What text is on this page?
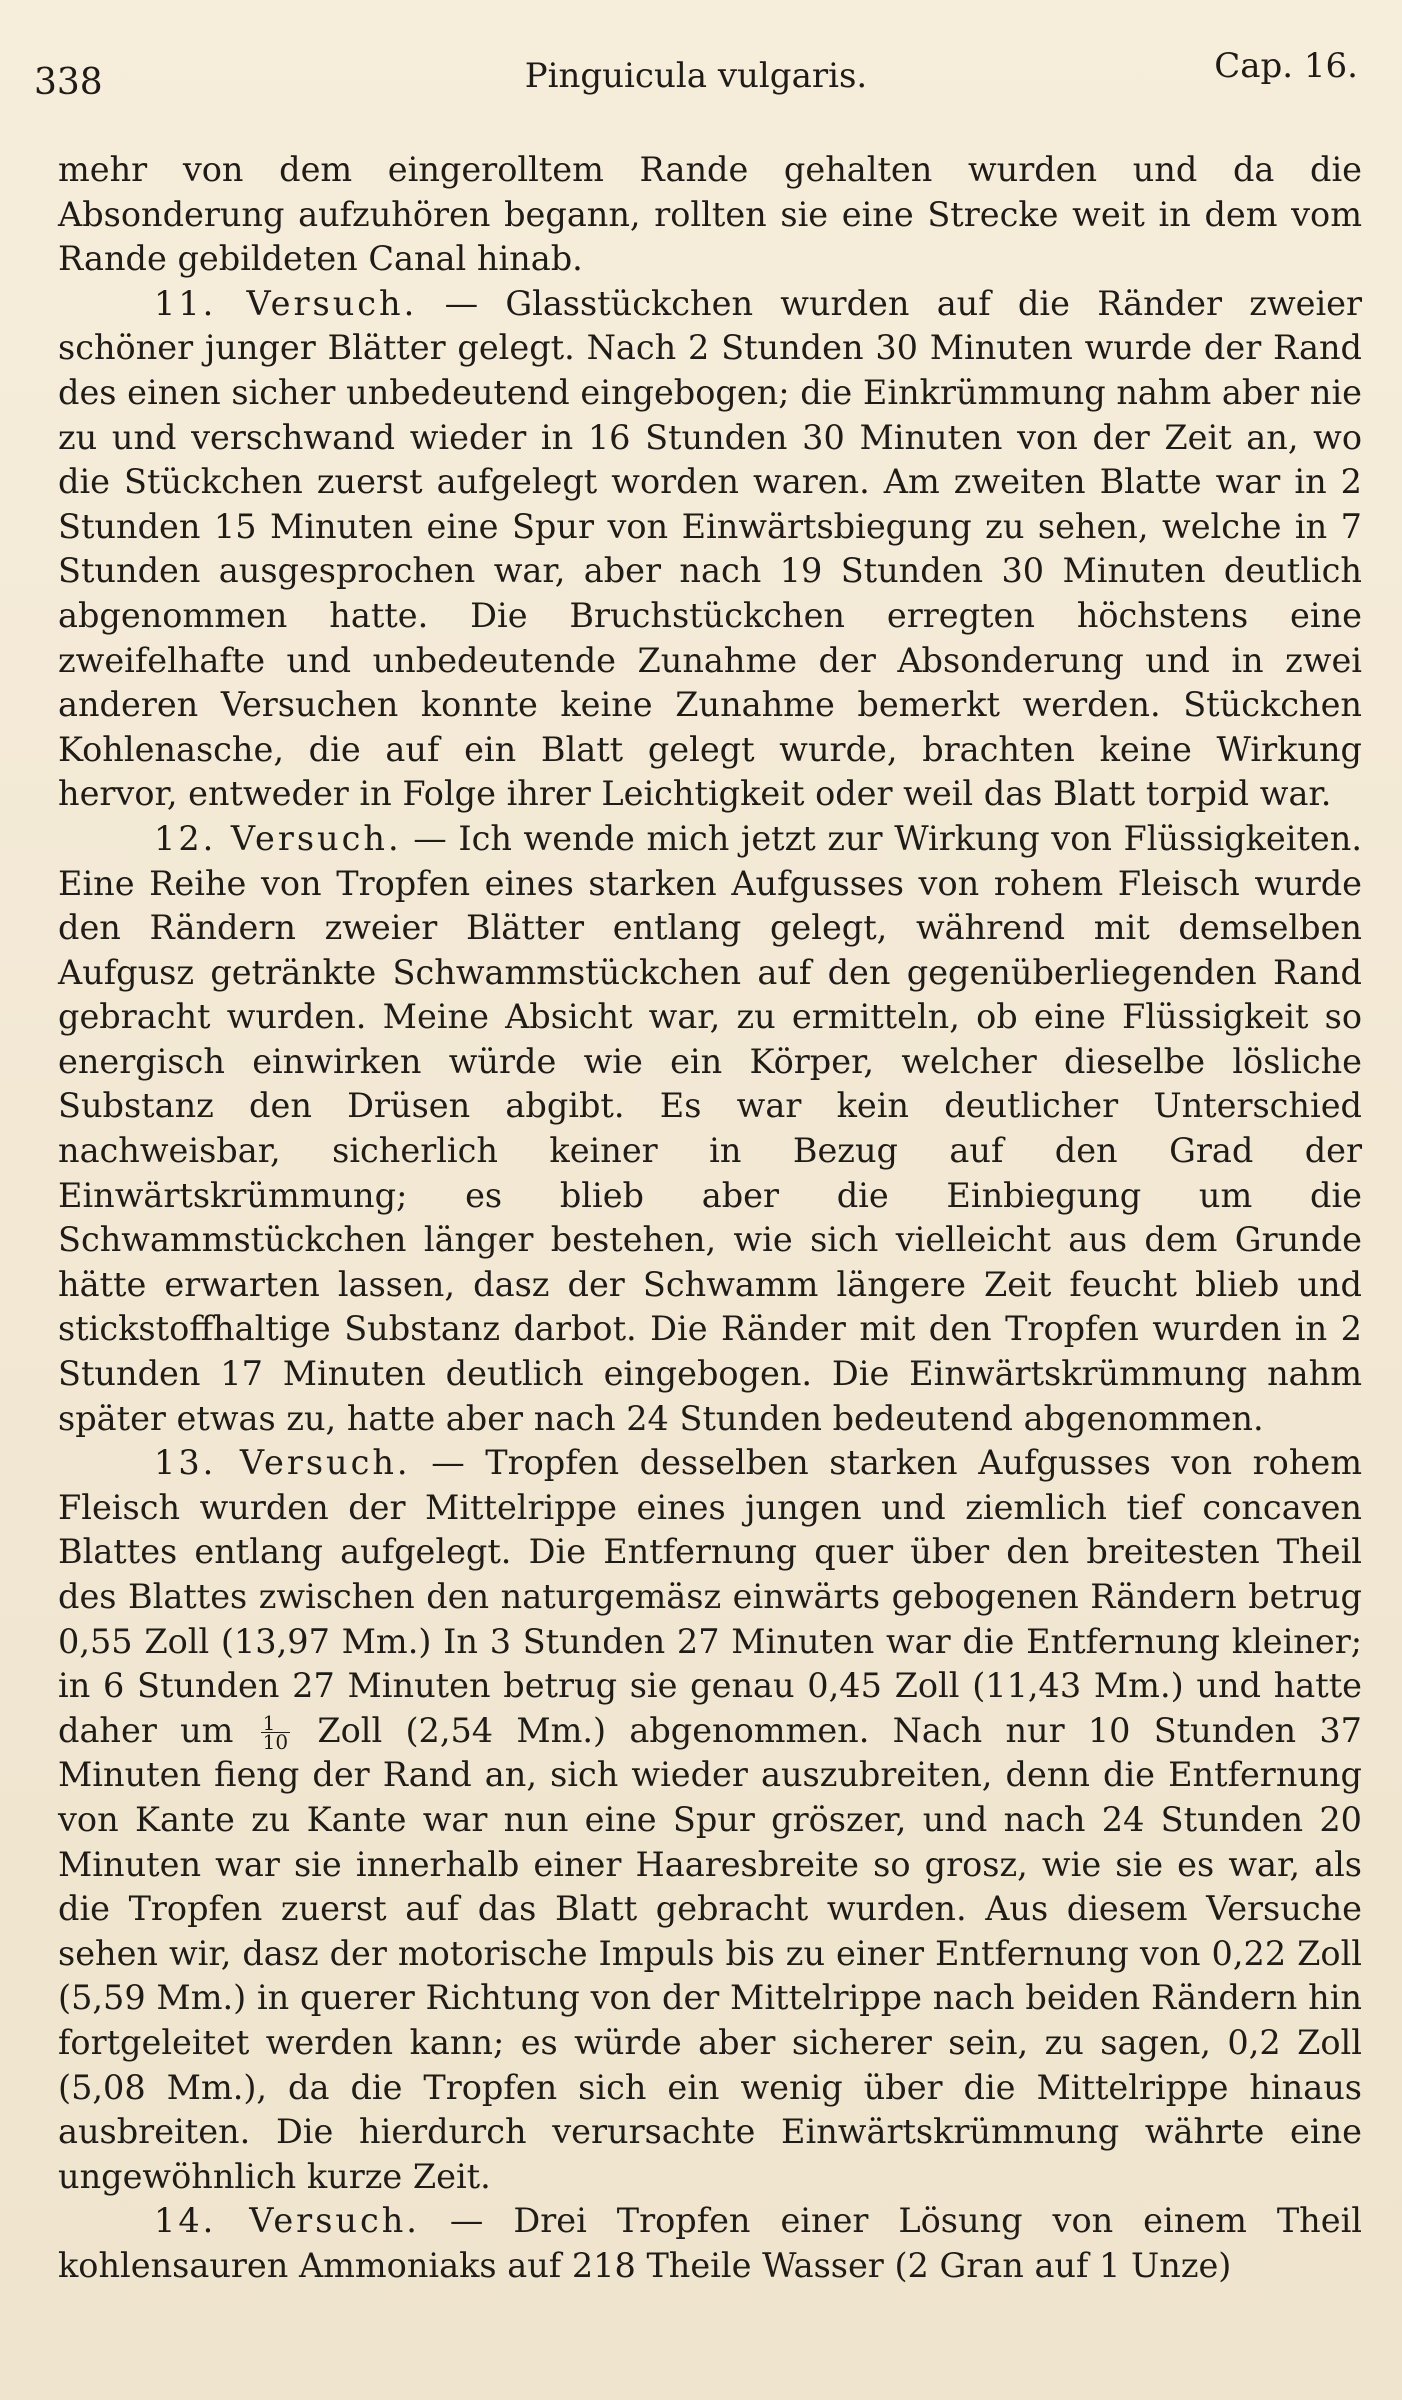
338	Pinguicula vulgaris.	Cap. 16.

mehr von dem eingerolltem Rande gehalten wurden und da die Absonderung aufzuhören begann, rollten sie eine Strecke weit in dem vom Rande gebildeten Canal hinab.

11. Versuch. — Glasstückchen wurden auf die Ränder zweier schöner junger Blätter gelegt. Nach 2 Stunden 30 Minuten wurde der Rand des einen sicher unbedeutend eingebogen; die Einkrümmung nahm aber nie zu und verschwand wieder in 16 Stunden 30 Minuten von der Zeit an, wo die Stückchen zuerst aufgelegt worden waren. Am zweiten Blatte war in 2 Stunden 15 Minuten eine Spur von Einwärtsbiegung zu sehen, welche in 7 Stunden ausgesprochen war, aber nach 19 Stunden 30 Minuten deutlich abgenommen hatte. Die Bruchstückchen erregten höchstens eine zweifelhafte und unbedeutende Zunahme der Absonderung und in zwei anderen Versuchen konnte keine Zunahme bemerkt werden. Stückchen Kohlenasche, die auf ein Blatt gelegt wurde, brachten keine Wirkung hervor, entweder in Folge ihrer Leichtigkeit oder weil das Blatt torpid war.

12. Versuch. — Ich wende mich jetzt zur Wirkung von Flüssigkeiten. Eine Reihe von Tropfen eines starken Aufgusses von rohem Fleisch wurde den Rändern zweier Blätter entlang gelegt, während mit demselben Aufgusz getränkte Schwammstückchen auf den gegenüberliegenden Rand gebracht wurden. Meine Absicht war, zu ermitteln, ob eine Flüssigkeit so energisch einwirken würde wie ein Körper, welcher dieselbe lösliche Substanz den Drüsen abgibt. Es war kein deutlicher Unterschied nachweisbar, sicherlich keiner in Bezug auf den Grad der Einwärtskrümmung; es blieb aber die Einbiegung um die Schwammstückchen länger bestehen, wie sich vielleicht aus dem Grunde hätte erwarten lassen, dasz der Schwamm längere Zeit feucht blieb und stickstoffhaltige Substanz darbot. Die Ränder mit den Tropfen wurden in 2 Stunden 17 Minuten deutlich eingebogen. Die Einwärtskrümmung nahm später etwas zu, hatte aber nach 24 Stunden bedeutend abgenommen.

13. Versuch. — Tropfen desselben starken Aufgusses von rohem Fleisch wurden der Mittelrippe eines jungen und ziemlich tief concaven Blattes entlang aufgelegt. Die Entfernung quer über den breitesten Theil des Blattes zwischen den naturgemäsz einwärts gebogenen Rändern betrug 0,55 Zoll (13,97 Mm.) In 3 Stunden 27 Minuten war die Entfernung kleiner; in 6 Stunden 27 Minuten betrug sie genau 0,45 Zoll (11,43 Mm.) und hatte daher um $\frac{1}{10}$ Zoll (2,54 Mm.) abgenommen. Nach nur 10 Stunden 37 Minuten fieng der Rand an, sich wieder auszubreiten, denn die Entfernung von Kante zu Kante war nun eine Spur gröszer, und nach 24 Stunden 20 Minuten war sie innerhalb einer Haaresbreite so grosz, wie sie es war, als die Tropfen zuerst auf das Blatt gebracht wurden. Aus diesem Versuche sehen wir, dasz der motorische Impuls bis zu einer Entfernung von 0,22 Zoll (5,59 Mm.) in querer Richtung von der Mittelrippe nach beiden Rändern hin fortgeleitet werden kann; es würde aber sicherer sein, zu sagen, 0,2 Zoll (5,08 Mm.), da die Tropfen sich ein wenig über die Mittelrippe hinaus ausbreiten. Die hierdurch verursachte Einwärtskrümmung währte eine ungewöhnlich kurze Zeit.

14. Versuch. — Drei Tropfen einer Lösung von einem Theil kohlensauren Ammoniaks auf 218 Theile Wasser (2 Gran auf 1 Unze)
